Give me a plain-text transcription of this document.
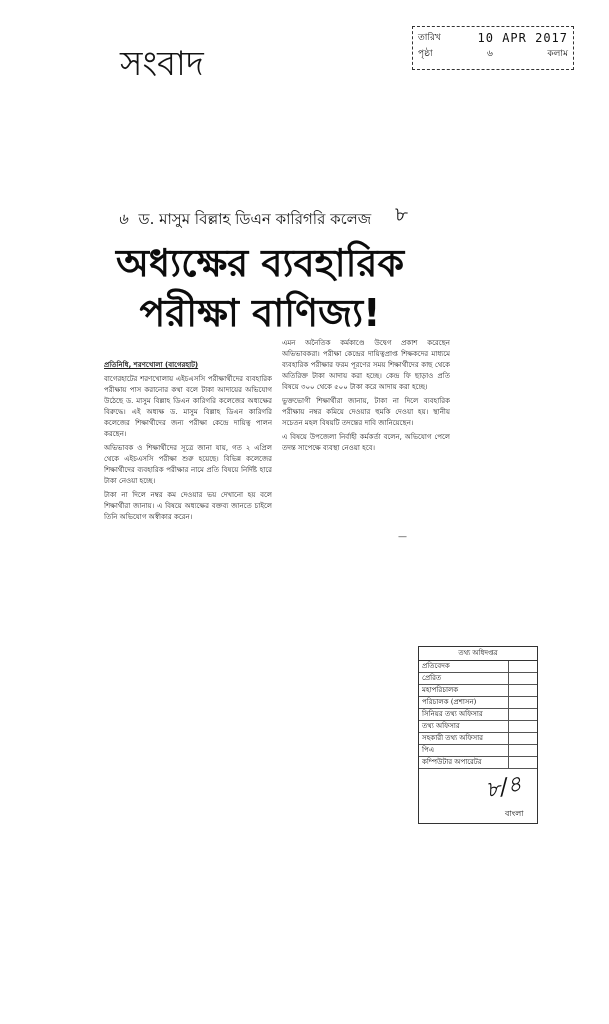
সংবাদ
তারিখ	10 APR 2017
পৃষ্ঠা	৬	কলাম
৬ ড. মাসুম বিল্লাহ ডিএন কারিগরি কলেজ ৮
অধ্যক্ষের ব্যবহারিক
পরীক্ষা বাণিজ্য!

প্রতিনিধি, শরণখোলা (বাগেরহাট)

বাগেরহাটের শরণখোলায় এইচএসসি পরীক্ষার্থীদের ব্যবহারিক পরীক্ষায় পাস করানোর কথা বলে টাকা আদায়ের অভিযোগ উঠেছে ড. মাসুম বিল্লাহ ডিএন কারিগরি কলেজের অধ্যক্ষের বিরুদ্ধে। এই অধ্যক্ষ ড. মাসুম বিল্লাহ ডিএন কারিগরি কলেজের শিক্ষার্থীদের জন্য পরীক্ষা কেন্দ্রে দায়িত্ব পালন করছেন।

অভিভাবক ও শিক্ষার্থীদের সূত্রে জানা যায়, গত ২ এপ্রিল থেকে এইচএসসি পরীক্ষা শুরু হয়েছে। বিভিন্ন কলেজের শিক্ষার্থীদের ব্যবহারিক পরীক্ষার নামে প্রতি বিষয়ে নির্দিষ্ট হারে টাকা নেওয়া হচ্ছে।

টাকা না দিলে নম্বর কম দেওয়ার ভয় দেখানো হয় বলে শিক্ষার্থীরা জানায়। এ বিষয়ে অধ্যক্ষের বক্তব্য জানতে চাইলে তিনি অভিযোগ অস্বীকার করেন।

এমন অনৈতিক কর্মকাণ্ডে উদ্বেগ প্রকাশ করেছেন অভিভাবকরা। পরীক্ষা কেন্দ্রের দায়িত্বপ্রাপ্ত শিক্ষকদের মাধ্যমে ব্যবহারিক পরীক্ষার ফরম পূরণের সময় শিক্ষার্থীদের কাছ থেকে অতিরিক্ত টাকা আদায় করা হচ্ছে। কেন্দ্র ফি ছাড়াও প্রতি বিষয়ে ৩০০ থেকে ৫০০ টাকা করে আদায় করা হচ্ছে।

ভুক্তভোগী শিক্ষার্থীরা জানায়, টাকা না দিলে ব্যবহারিক পরীক্ষায় নম্বর কমিয়ে দেওয়ার হুমকি দেওয়া হয়। স্থানীয় সচেতন মহল বিষয়টি তদন্তের দাবি জানিয়েছেন।

এ বিষয়ে উপজেলা নির্বাহী কর্মকর্তা বলেন, অভিযোগ পেলে তদন্ত সাপেক্ষে ব্যবস্থা নেওয়া হবে।

—
তথ্য অধিদপ্তর
প্রতিবেদক
প্রেরিত
মহাপরিচালক
পরিচালক (প্রশাসন)
সিনিয়র তথ্য অফিসার
তথ্য অফিসার
সহকারী তথ্য অফিসার
পিএ
কম্পিউটার অপারেটর
৮/৪
বাংলা
